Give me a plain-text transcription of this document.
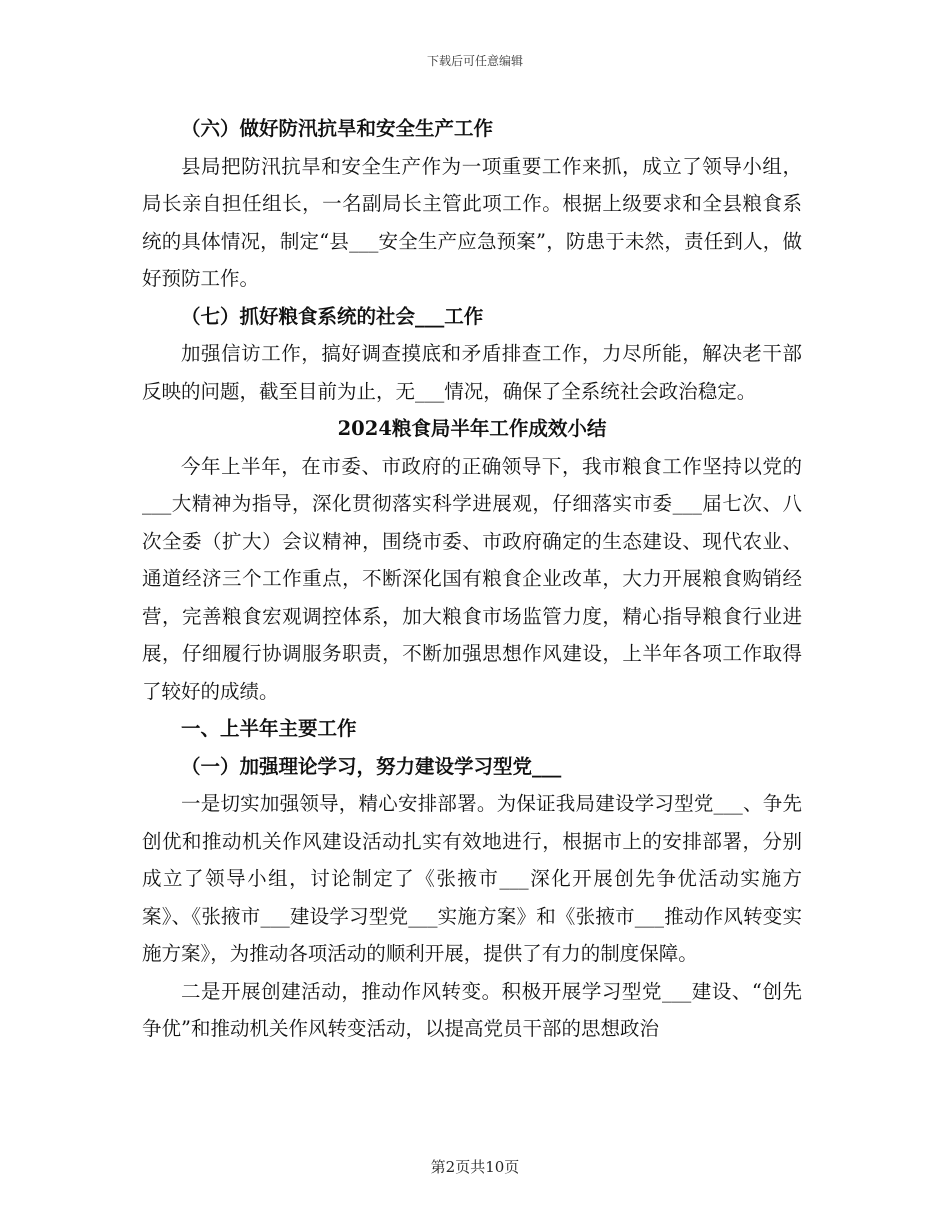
下载后可任意编辑

（六）做好防汛抗旱和安全生产工作

县局把防汛抗旱和安全生产作为一项重要工作来抓，成立了领导小组，局长亲自担任组长，一名副局长主管此项工作。根据上级要求和全县粮食系统的具体情况，制定“县___安全生产应急预案”，防患于未然，责任到人，做好预防工作。

（七）抓好粮食系统的社会___工作

加强信访工作，搞好调查摸底和矛盾排查工作，力尽所能，解决老干部反映的问题，截至目前为止，无___情况，确保了全系统社会政治稳定。

2024粮食局半年工作成效小结

今年上半年，在市委、市政府的正确领导下，我市粮食工作坚持以党的___大精神为指导，深化贯彻落实科学进展观，仔细落实市委___届七次、八次全委（扩大）会议精神，围绕市委、市政府确定的生态建设、现代农业、通道经济三个工作重点，不断深化国有粮食企业改革，大力开展粮食购销经营，完善粮食宏观调控体系，加大粮食市场监管力度，精心指导粮食行业进展，仔细履行协调服务职责，不断加强思想作风建设，上半年各项工作取得了较好的成绩。

一、上半年主要工作

（一）加强理论学习，努力建设学习型党___

一是切实加强领导，精心安排部署。为保证我局建设学习型党___、争先创优和推动机关作风建设活动扎实有效地进行，根据市上的安排部署，分别成立了领导小组，讨论制定了《张掖市___深化开展创先争优活动实施方案》、《张掖市___建设学习型党___实施方案》和《张掖市___推动作风转变实施方案》，为推动各项活动的顺利开展，提供了有力的制度保障。

二是开展创建活动，推动作风转变。积极开展学习型党___建设、“创先争优”和推动机关作风转变活动，以提高党员干部的思想政治

第2页共10页
